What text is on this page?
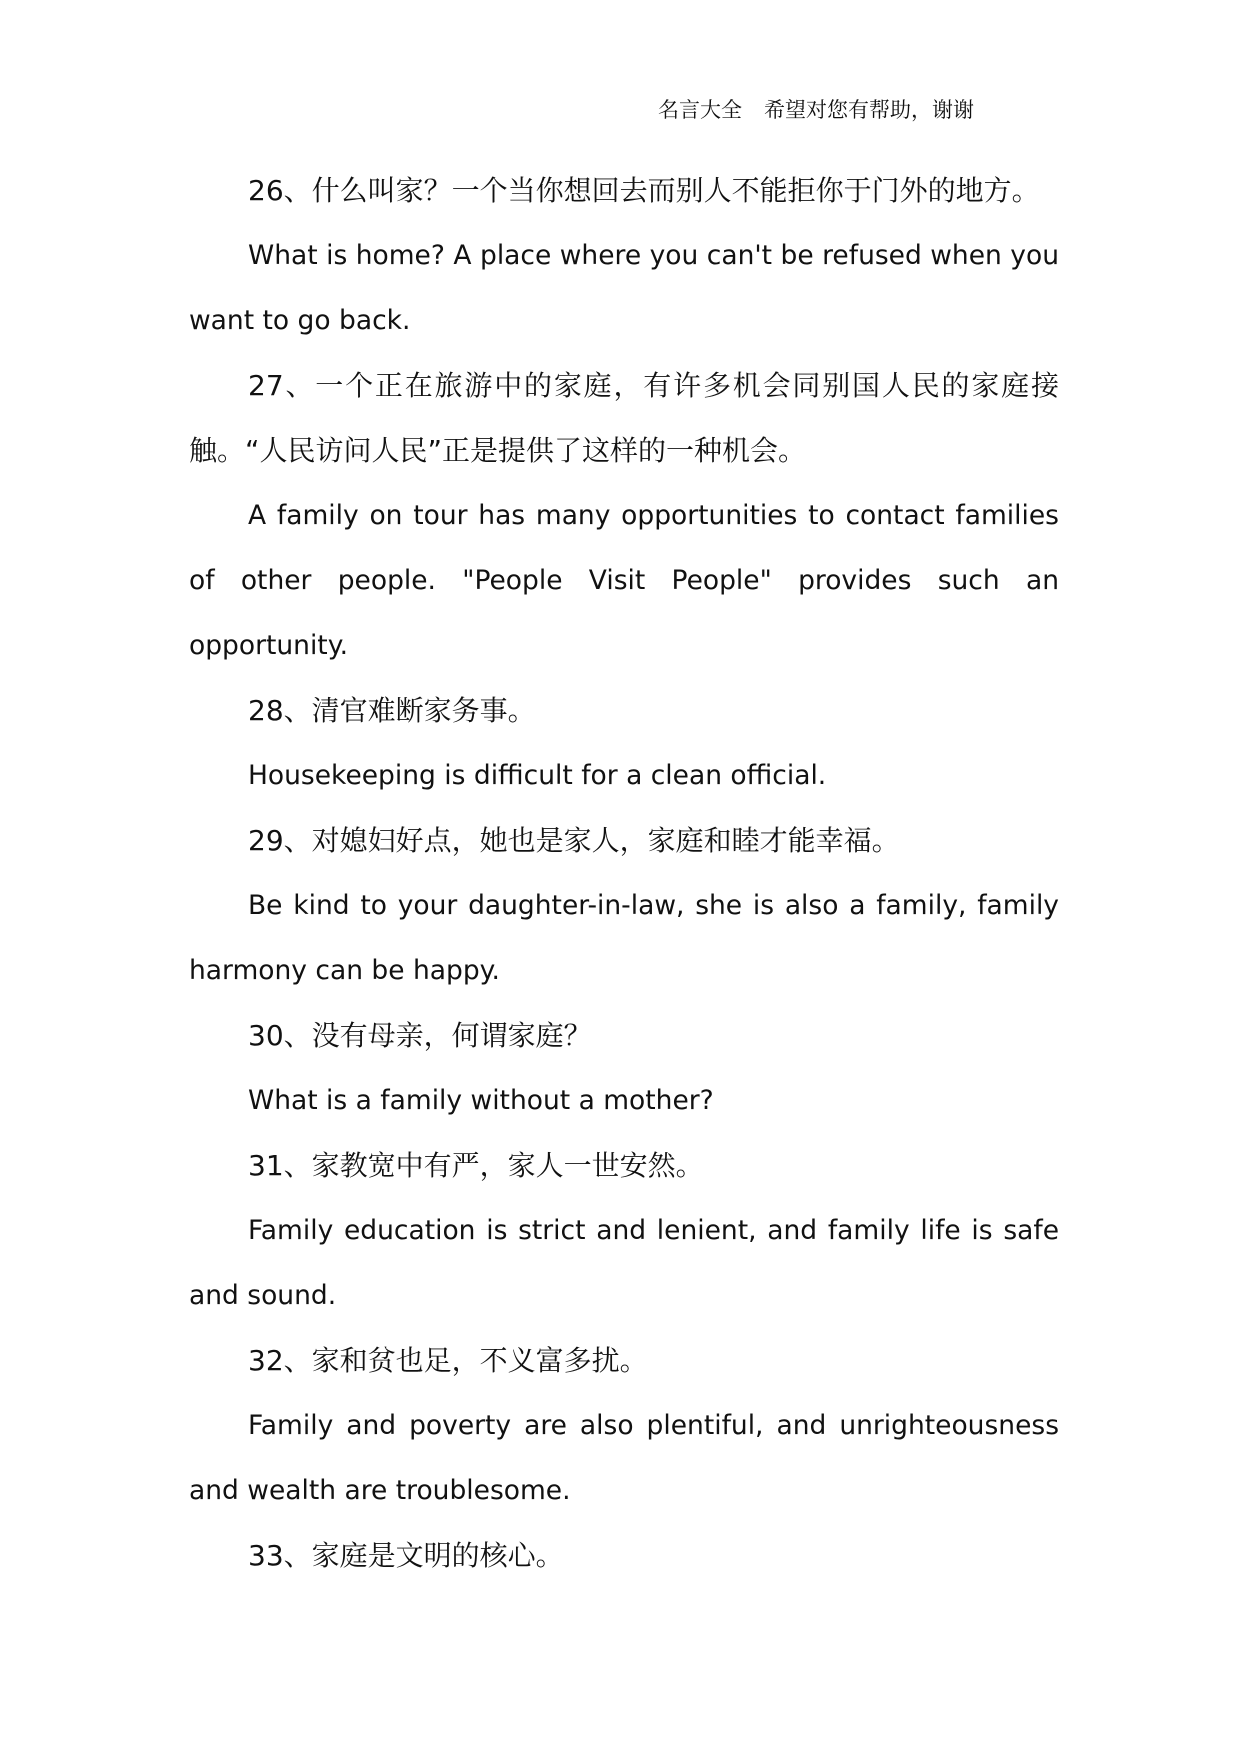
名言大全 希望对您有帮助，谢谢

26、什么叫家？一个当你想回去而别人不能拒你于门外的地方。

What is home? A place where you can't be refused when you want to go back.

27、一个正在旅游中的家庭，有许多机会同别国人民的家庭接触。“人民访问人民”正是提供了这样的一种机会。

A family on tour has many opportunities to contact families of other people. "People Visit People" provides such an opportunity.

28、清官难断家务事。

Housekeeping is difficult for a clean official.

29、对媳妇好点，她也是家人，家庭和睦才能幸福。

Be kind to your daughter-in-law, she is also a family, family harmony can be happy.

30、没有母亲，何谓家庭？

What is a family without a mother?

31、家教宽中有严，家人一世安然。

Family education is strict and lenient, and family life is safe and sound.

32、家和贫也足，不义富多扰。

Family and poverty are also plentiful, and unrighteousness and wealth are troublesome.

33、家庭是文明的核心。
